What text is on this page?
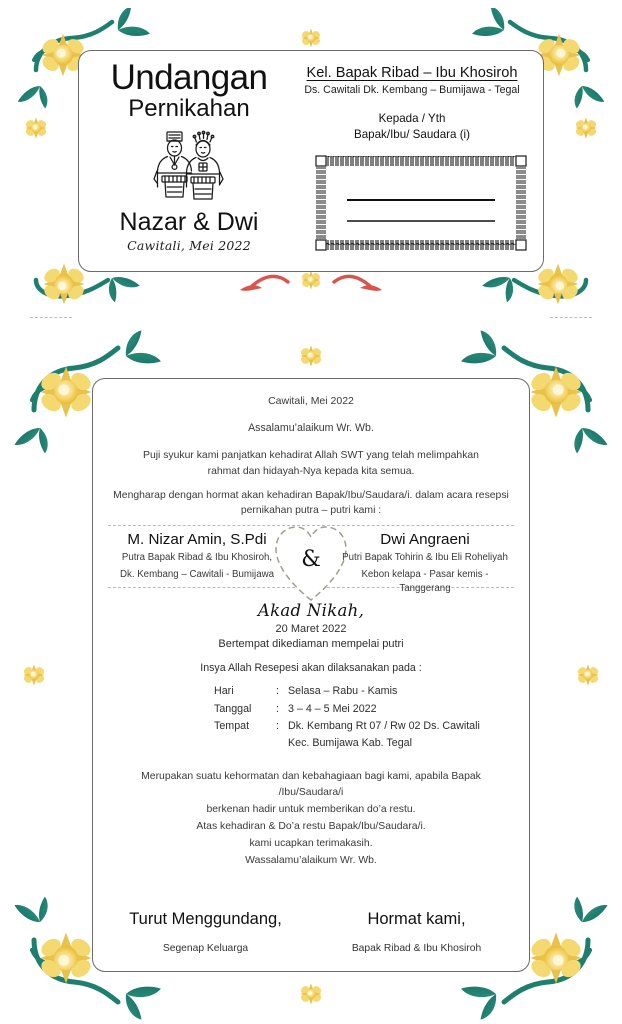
Undangan
Pernikahan
Nazar & Dwi
Cawitali, Mei 2022
Kel. Bapak Ribad – Ibu Khosiroh
Ds. Cawitali Dk. Kembang – Bumijawa - Tegal
Kepada / Yth
Bapak/Ibu/ Saudara (i)
Cawitali, Mei 2022
Assalamu’alaikum Wr. Wb.
Puji syukur kami panjatkan kehadirat Allah SWT yang telah melimpahkan
rahmat dan hidayah-Nya kepada kita semua.
Mengharap dengan hormat akan kehadiran Bapak/Ibu/Saudara/i. dalam acara resepsi
pernikahan putra – putri kami :
&
M. Nizar Amin, S.Pdi
Putra Bapak Ribad & Ibu Khosiroh,
Dk. Kembang – Cawitali - Bumijawa
Dwi Angraeni
Putri Bapak Tohirin & Ibu Eli Roheliyah
Kebon kelapa - Pasar kemis - Tanggerang
Akad Nikah,
20 Maret 2022
Bertempat dikediaman mempelai putri
Insya Allah Resepesi akan dilaksanakan pada :
Hari	:	Selasa – Rabu - Kamis
Tanggal	:	3 – 4 – 5 Mei 2022
Tempat	:	Dk. Kembang Rt 07 / Rw 02 Ds. Cawitali
		Kec. Bumijawa Kab. Tegal
Merupakan suatu kehormatan dan kebahagiaan bagi kami, apabila Bapak /Ibu/Saudara/i
berkenan hadir untuk memberikan do’a restu.
Atas kehadiran & Do’a restu Bapak/Ibu/Saudara/i.
kami ucapkan terimakasih.
Wassalamu’alaikum Wr. Wb.
Turut Menggundang,
Segenap Keluarga
Hormat kami,
Bapak Ribad & Ibu Khosiroh
